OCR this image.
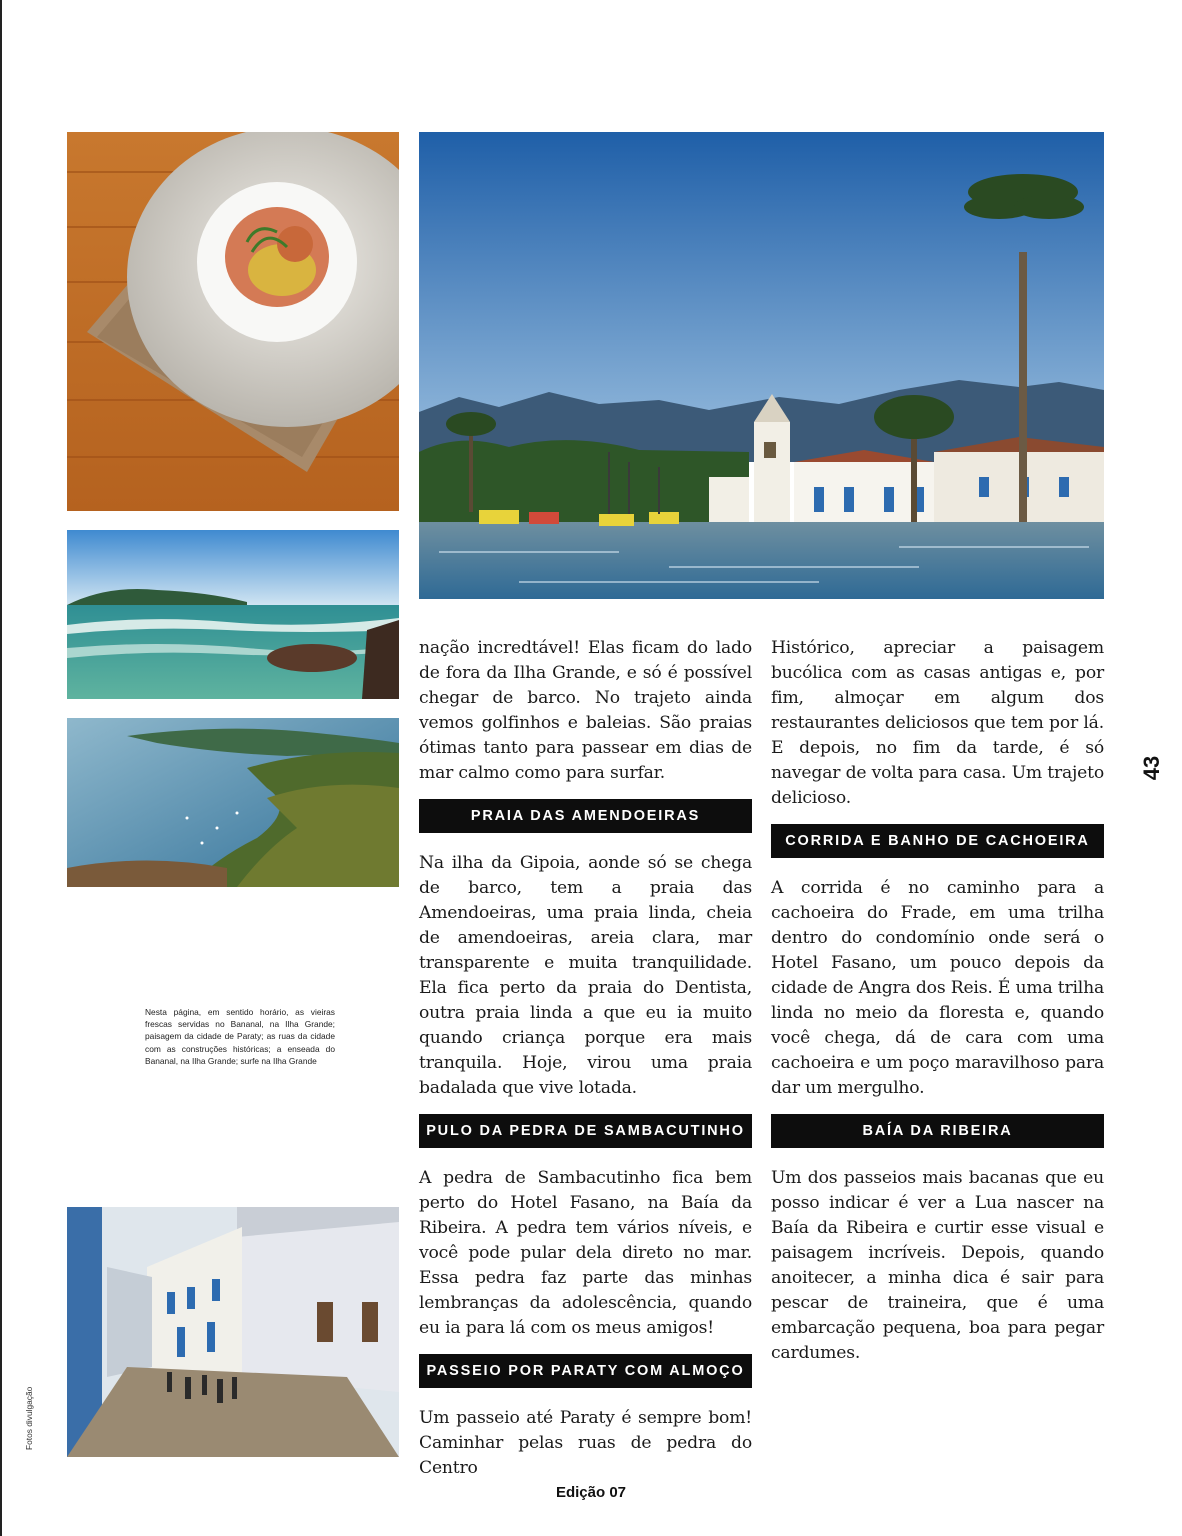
Nesta página, em sentido horário, as vieiras frescas servidas no Bananal, na Ilha Grande; paisagem da cidade de Paraty; as ruas da cidade com as construções históricas; a enseada do Bananal, na Ilha Grande; surfe na Ilha Grande
Fotos divulgação
43

nação incredtável! Elas ficam do lado de fora da Ilha Grande, e só é possível chegar de barco. No trajeto ainda vemos golfinhos e baleias. São praias ótimas tanto para passear em dias de mar calmo como para surfar.

PRAIA DAS AMENDOEIRAS

Na ilha da Gipoia, aonde só se chega de barco, tem a praia das Amendoeiras, uma praia linda, cheia de amendoeiras, areia clara, mar transparente e muita tranquilidade. Ela fica perto da praia do Dentista, outra praia linda a que eu ia muito quando criança porque era mais tranquila. Hoje, virou uma praia badalada que vive lotada.

PULO DA PEDRA DE SAMBACUTINHO

A pedra de Sambacutinho fica bem perto do Hotel Fasano, na Baía da Ribeira. A pedra tem vários níveis, e você pode pular dela direto no mar. Essa pedra faz parte das minhas lembranças da adolescência, quando eu ia para lá com os meus amigos!

PASSEIO POR PARATY COM ALMOÇO

Um passeio até Paraty é sempre bom! Caminhar pelas ruas de pedra do Centro

Histórico, apreciar a paisagem bucólica com as casas antigas e, por fim, almoçar em algum dos restaurantes deliciosos que tem por lá. E depois, no fim da tarde, é só navegar de volta para casa. Um trajeto delicioso.

CORRIDA E BANHO DE CACHOEIRA

A corrida é no caminho para a cachoeira do Frade, em uma trilha dentro do condomínio onde será o Hotel Fasano, um pouco depois da cidade de Angra dos Reis. É uma trilha linda no meio da floresta e, quando você chega, dá de cara com uma cachoeira e um poço maravilhoso para dar um mergulho.

BAÍA DA RIBEIRA

Um dos passeios mais bacanas que eu posso indicar é ver a Lua nascer na Baía da Ribeira e curtir esse visual e paisagem incríveis. Depois, quando anoitecer, a minha dica é sair para pescar de traineira, que é uma embarcação pequena, boa para pegar cardumes.

Edição 07
